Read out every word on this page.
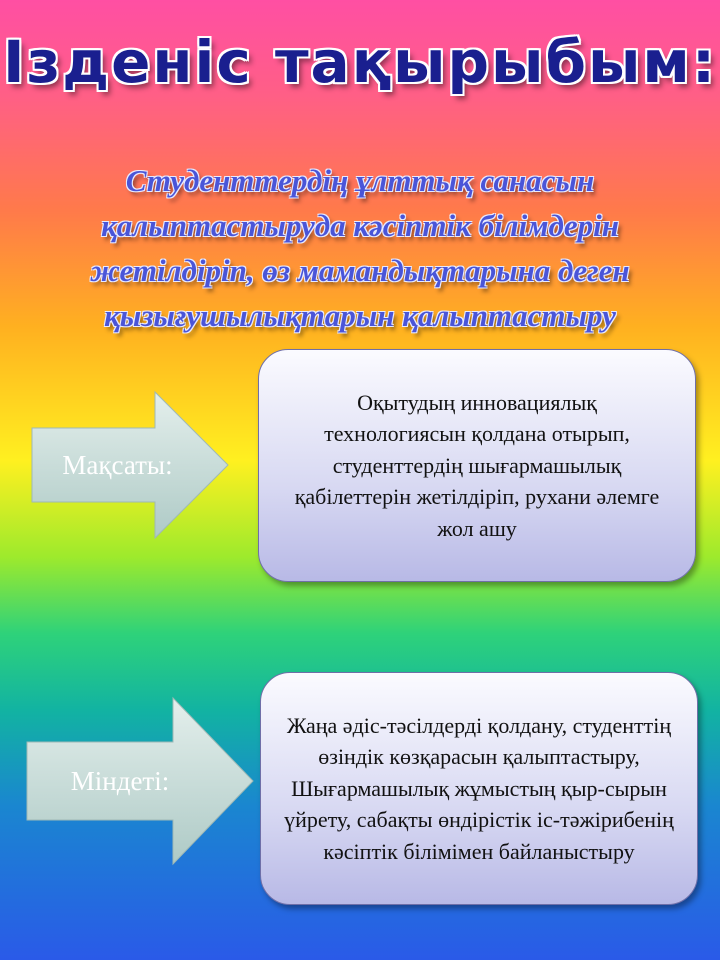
Ізденіс тақырыбым:
Студенттердің ұлттық санасын қалыптастыруда кәсіптік білімдерін жетілдіріп, өз мамандықтарына деген қызығушылықтарын қалыптастыру
Мақсаты:

Оқытудың инновациялық технологиясын қолдана отырып, студенттердің шығармашылық қабілеттерін жетілдіріп, рухани әлемге жол ашу

Міндеті:

Жаңа әдіс-тәсілдерді қолдану, студенттің өзіндік көзқарасын қалыптастыру,

Шығармашылық жұмыстың қыр-сырын үйрету, сабақты өндірістік іс-тәжірибенің кәсіптік білімімен байланыстыру
